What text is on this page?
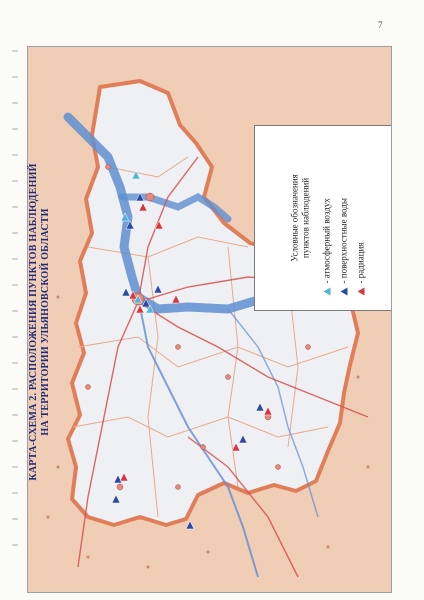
7
Условные обозначения пунктов наблюдений - атмосферный воздух - поверхностные воды - радиация
КАРТА-СХЕМА 2. РАСПОЛОЖЕНИЯ ПУНКТОВ НАБЛЮДЕНИЙ НА ТЕРРИТОРИИ УЛЬЯНОВСКОЙ ОБЛАСТИ
